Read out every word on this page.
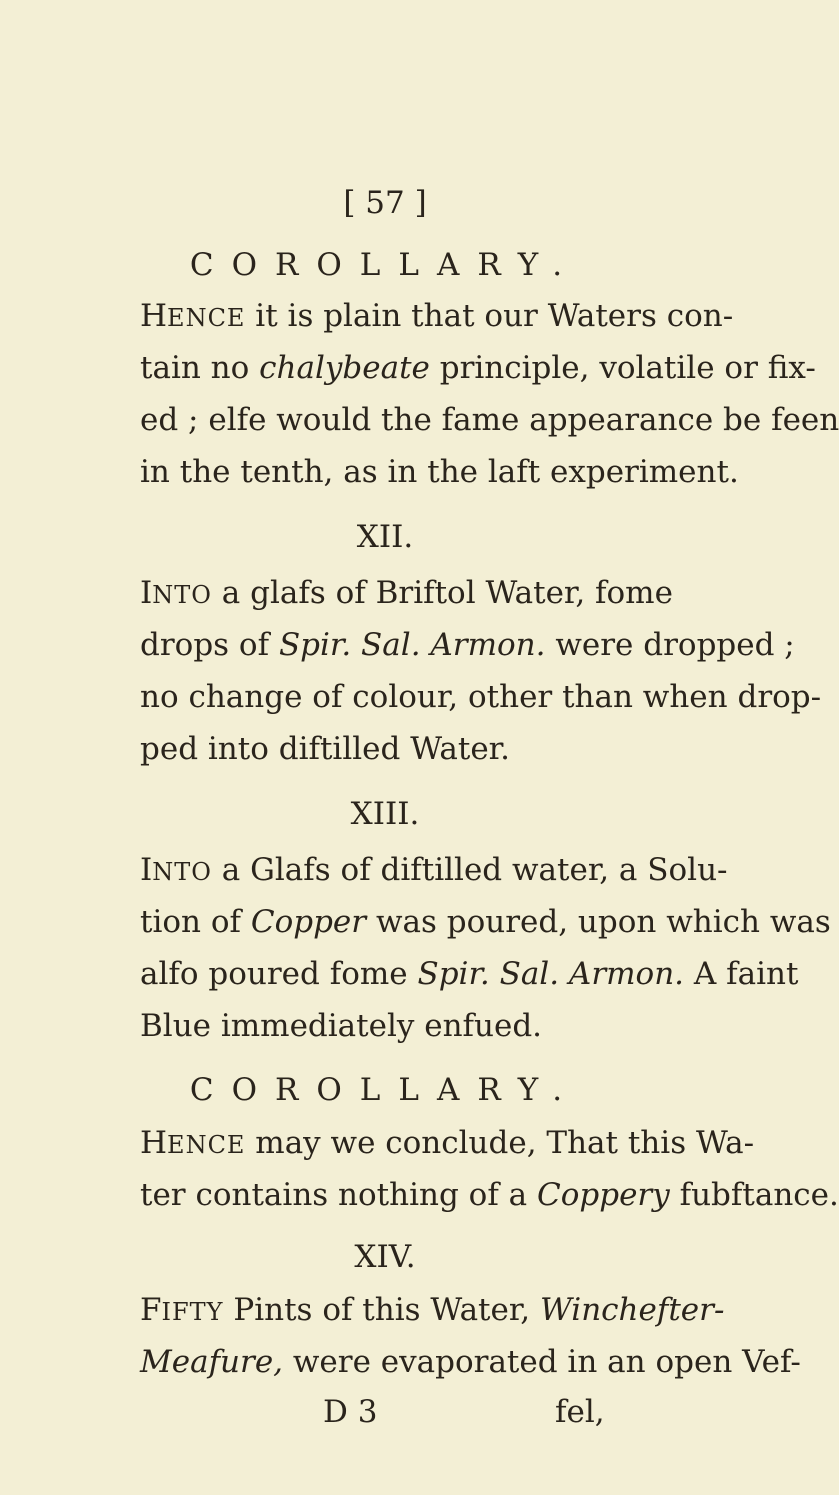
[ 57 ]
COROLLARY.
HENCE it is plain that our Waters con-
tain no chalybeate principle, volatile or fix-
ed ; elfe would the fame appearance be feen
in the tenth, as in the laft experiment.
XII.
INTO a glafs of Briftol Water, fome
drops of Spir. Sal. Armon. were dropped ;
no change of colour, other than when drop-
ped into diftilled Water.
XIII.
INTO a Glafs of diftilled water, a Solu-
tion of Copper was poured, upon which was
alfo poured fome Spir. Sal. Armon. A faint
Blue immediately enfued.
COROLLARY.
HENCE may we conclude, That this Wa-
ter contains nothing of a Coppery fubftance.
XIV.
FIFTY Pints of this Water, Winchefter-
Meafure, were evaporated in an open Vef-
D 3	fel,
